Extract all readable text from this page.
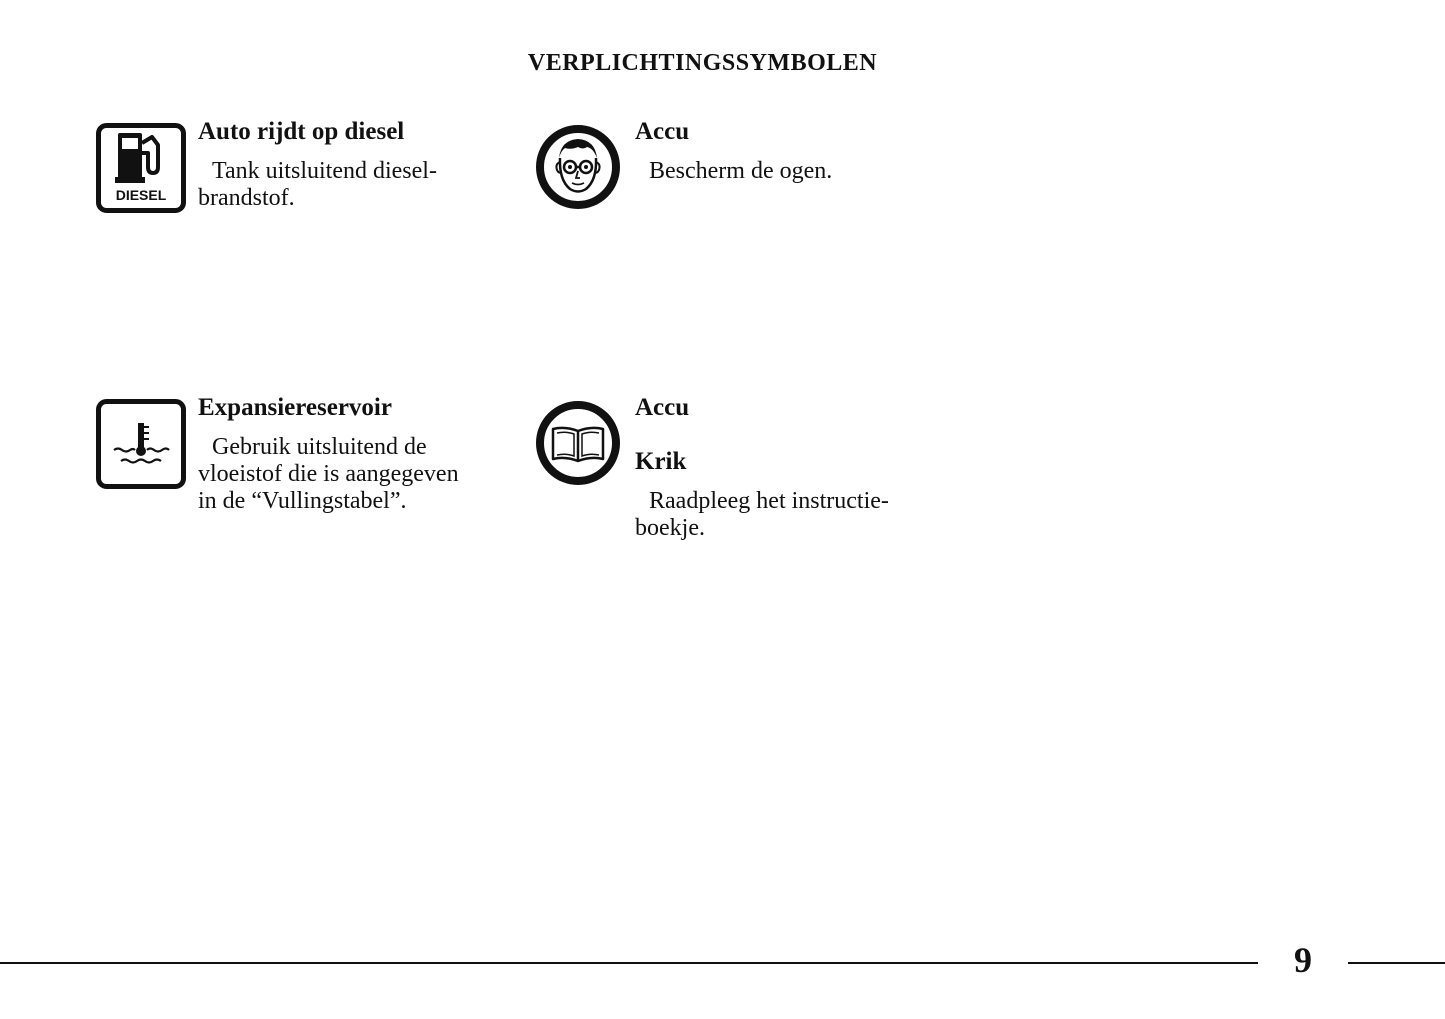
VERPLICHTINGSSYMBOLEN
DIESEL

Auto rijdt op diesel

Tank uitsluitend diesel-
brandstof.

Accu

Bescherm de ogen.

Expansiereservoir

Gebruik uitsluitend de
vloeistof die is aangegeven
in de “Vullingstabel”.

Accu

Krik

Raadpleeg het instructie-
boekje.

9
